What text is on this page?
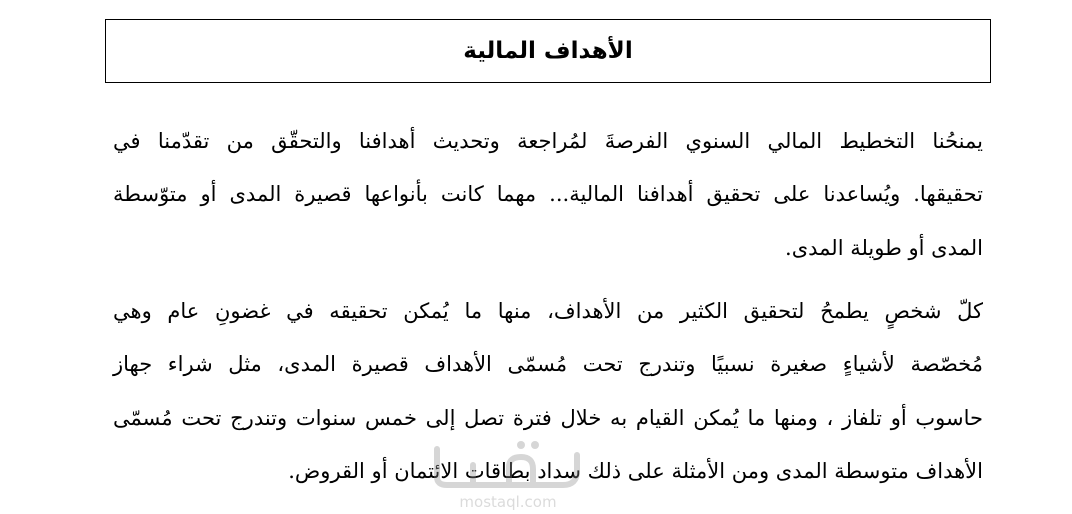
الأهداف المالية
يمنحُنا التخطيط المالي السنوي الفرصةَ لمُراجعة وتحديث أهدافنا والتحقّق من تقدّمنا في
تحقيقها. ويُساعدنا على تحقيق أهدافنا المالية... مهما كانت بأنواعها قصيرة المدى أو متوّسطة
المدى أو طويلة المدى.
كلّ شخصٍ يطمحُ لتحقيق الكثير من الأهداف، منها ما يُمكن تحقيقه في غضونِ عام وهي
مُخصّصة لأشياءٍ صغيرة نسبيًا وتندرج تحت مُسمّى الأهداف قصيرة المدى، مثل شراء جهاز
حاسوب أو تلفاز ، ومنها ما يُمكن القيام به خلال فترة تصل إلى خمس سنوات وتندرج تحت مُسمّى
الأهداف متوسطة المدى ومن الأمثلة على ذلك سداد بطاقات الائتمان أو القروض.
mostaql.com
